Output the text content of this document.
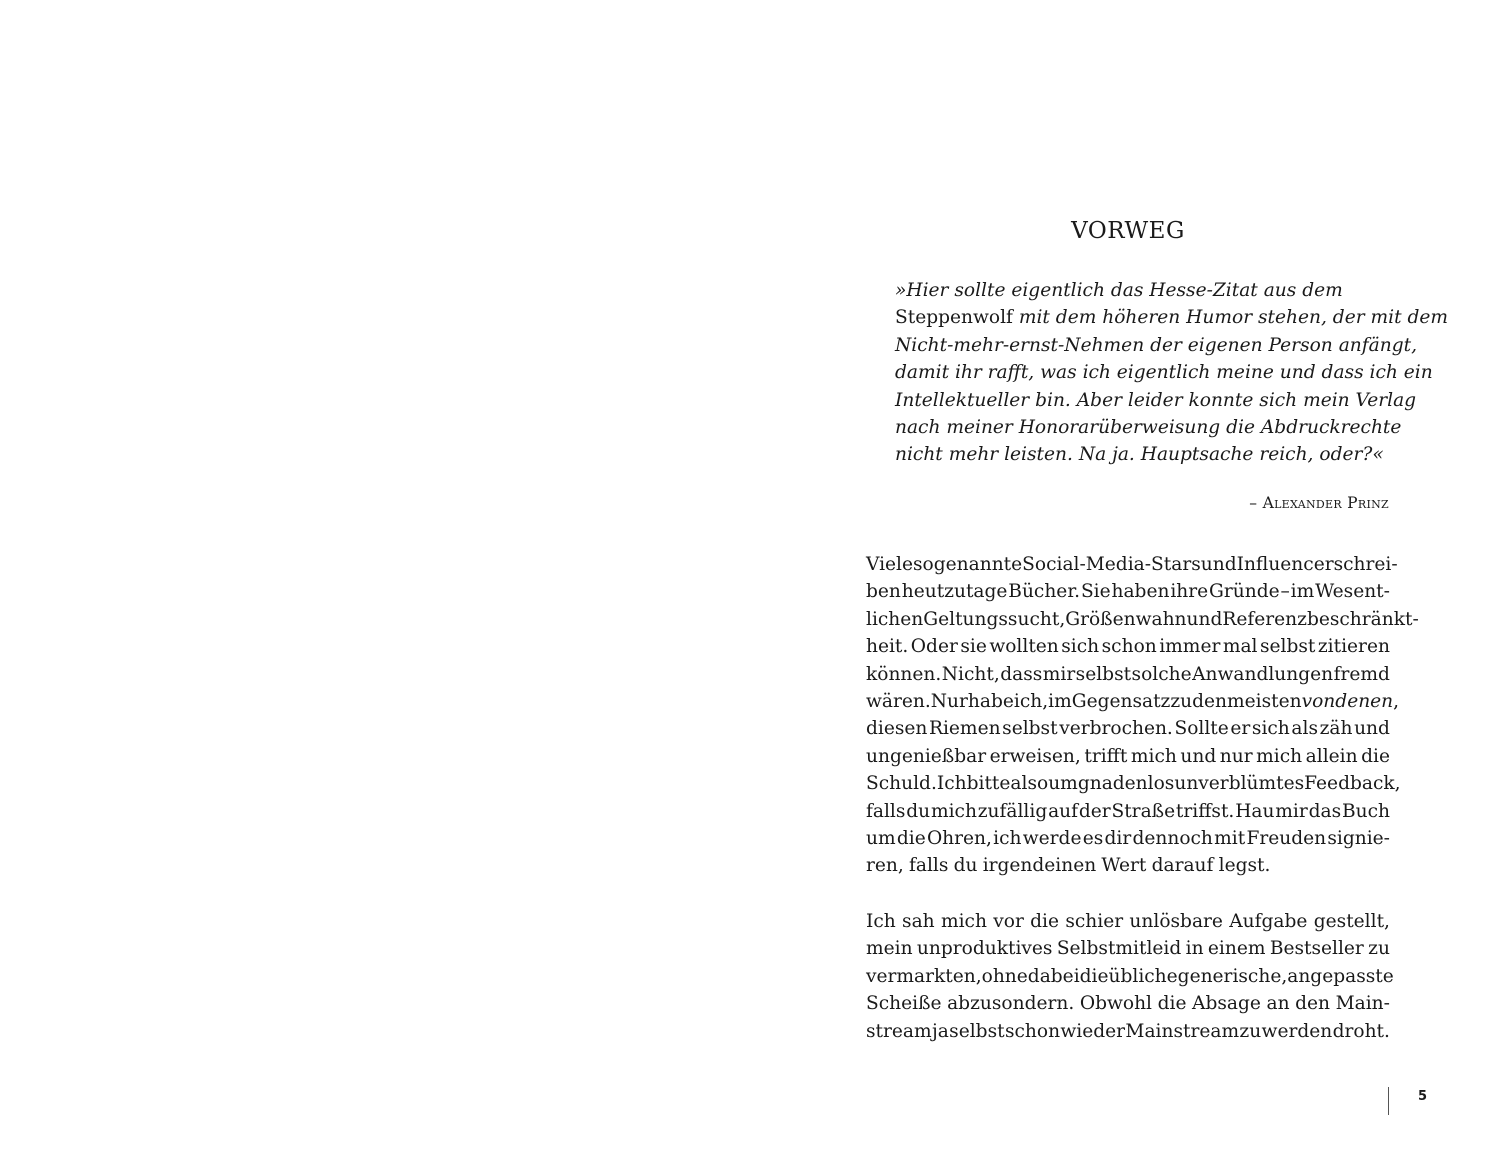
VORWEG
»Hier sollte eigentlich das Hesse-Zitat aus dem
Steppenwolf mit dem höheren Humor stehen, der mit dem
Nicht-mehr-ernst-Nehmen der eigenen Person anfängt,
damit ihr rafft, was ich eigentlich meine und dass ich ein
Intellektueller bin. Aber leider konnte sich mein Verlag
nach meiner Honorarüberweisung die Abdruckrechte
nicht mehr leisten. Na ja. Hauptsache reich, oder?«
– Alexander Prinz
Viele sogenannte Social-Media-Stars und Influencer schrei-
ben heutzutage Bücher. Sie haben ihre Gründe – im Wesent-
lichen Geltungssucht, Größenwahn und Referenzbeschränkt-
heit. Oder sie wollten sich schon immer mal selbst zitieren
können. Nicht, dass mir selbst solche Anwandlungen fremd
wären. Nur habe ich, im Gegensatz zu den meisten von denen,
diesen Riemen selbst verbrochen. Sollte er sich als zäh und
ungenießbar erweisen, trifft mich und nur mich allein die
Schuld. Ich bitte also um gnadenlos unverblümtes Feedback,
falls du mich zufällig auf der Straße triffst. Hau mir das Buch
um die Ohren, ich werde es dir dennoch mit Freuden signie-
ren, falls du irgendeinen Wert darauf legst.
Ich sah mich vor die schier unlösbare Aufgabe gestellt,
mein unproduktives Selbstmitleid in einem Bestseller zu
vermarkten, ohne dabei die übliche generische, angepasste
Scheiße abzusondern. Obwohl die Absage an den Main-
stream ja selbst schon wieder Mainstream zu werden droht.
5
